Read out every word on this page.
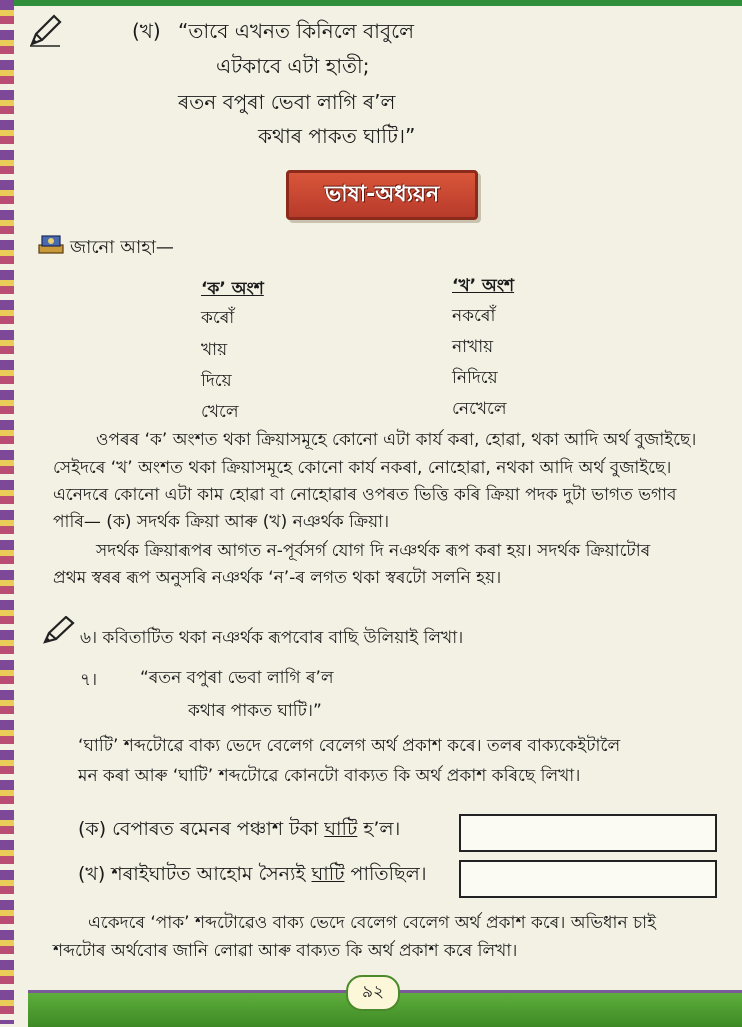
(খ) “তাবে এখনত কিনিলে বাবুলে
এটকাবে এটা হাতী;
ৰতন বপুৰা ভেবা লাগি ৰ’ল
কথাৰ পাকত ঘাটি।”
ভাষা-অধ্যয়ন
জানো আহা—
‘ক’ অংশ	‘খ’ অংশ
কৰোঁ
খায়
দিয়ে
খেলে
নকৰোঁ
নাখায়
নিদিয়ে
নেখেলে
ওপৰৰ ‘ক’ অংশত থকা ক্ৰিয়াসমূহে কোনো এটা কাৰ্য কৰা, হোৱা, থকা আদি অৰ্থ বুজাইছে।
সেইদৰে ‘খ’ অংশত থকা ক্ৰিয়াসমূহে কোনো কাৰ্য নকৰা, নোহোৱা, নথকা আদি অৰ্থ বুজাইছে।
এনেদৰে কোনো এটা কাম হোৱা বা নোহোৱাৰ ওপৰত ভিত্তি কৰি ক্ৰিয়া পদক দুটা ভাগত ভগাব
পাৰি— (ক) সদৰ্থক ক্ৰিয়া আৰু (খ) নঞৰ্থক ক্ৰিয়া।
সদৰ্থক ক্ৰিয়াৰূপৰ আগত ন-পূৰ্বসৰ্গ যোগ দি নঞৰ্থক ৰূপ কৰা হয়। সদৰ্থক ক্ৰিয়াটোৰ
প্ৰথম স্বৰৰ ৰূপ অনুসৰি নঞৰ্থক ‘ন’-ৰ লগত থকা স্বৰটো সলনি হয়।
৬। কবিতাটিত থকা নঞৰ্থক ৰূপবোৰ বাছি উলিয়াই লিখা।
৭।	“ৰতন বপুৰা ভেবা লাগি ৰ’ল
কথাৰ পাকত ঘাটি।”
‘ঘাটি’ শব্দটোৱে বাক্য ভেদে বেলেগ বেলেগ অৰ্থ প্ৰকাশ কৰে। তলৰ বাক্যকেইটালৈ
মন কৰা আৰু ‘ঘাটি’ শব্দটোৱে কোনটো বাক্যত কি অৰ্থ প্ৰকাশ কৰিছে লিখা।
(ক) বেপাৰত ৰমেনৰ পঞ্চাশ টকা ঘাটি হ’ল।
(খ) শৰাইঘাটত আহোম সৈন্যই ঘাটি পাতিছিল।
একেদৰে ‘পাক’ শব্দটোৱেও বাক্য ভেদে বেলেগ বেলেগ অৰ্থ প্ৰকাশ কৰে। অভিধান চাই
শব্দটোৰ অৰ্থবোৰ জানি লোৱা আৰু বাক্যত কি অৰ্থ প্ৰকাশ কৰে লিখা।
৯২
